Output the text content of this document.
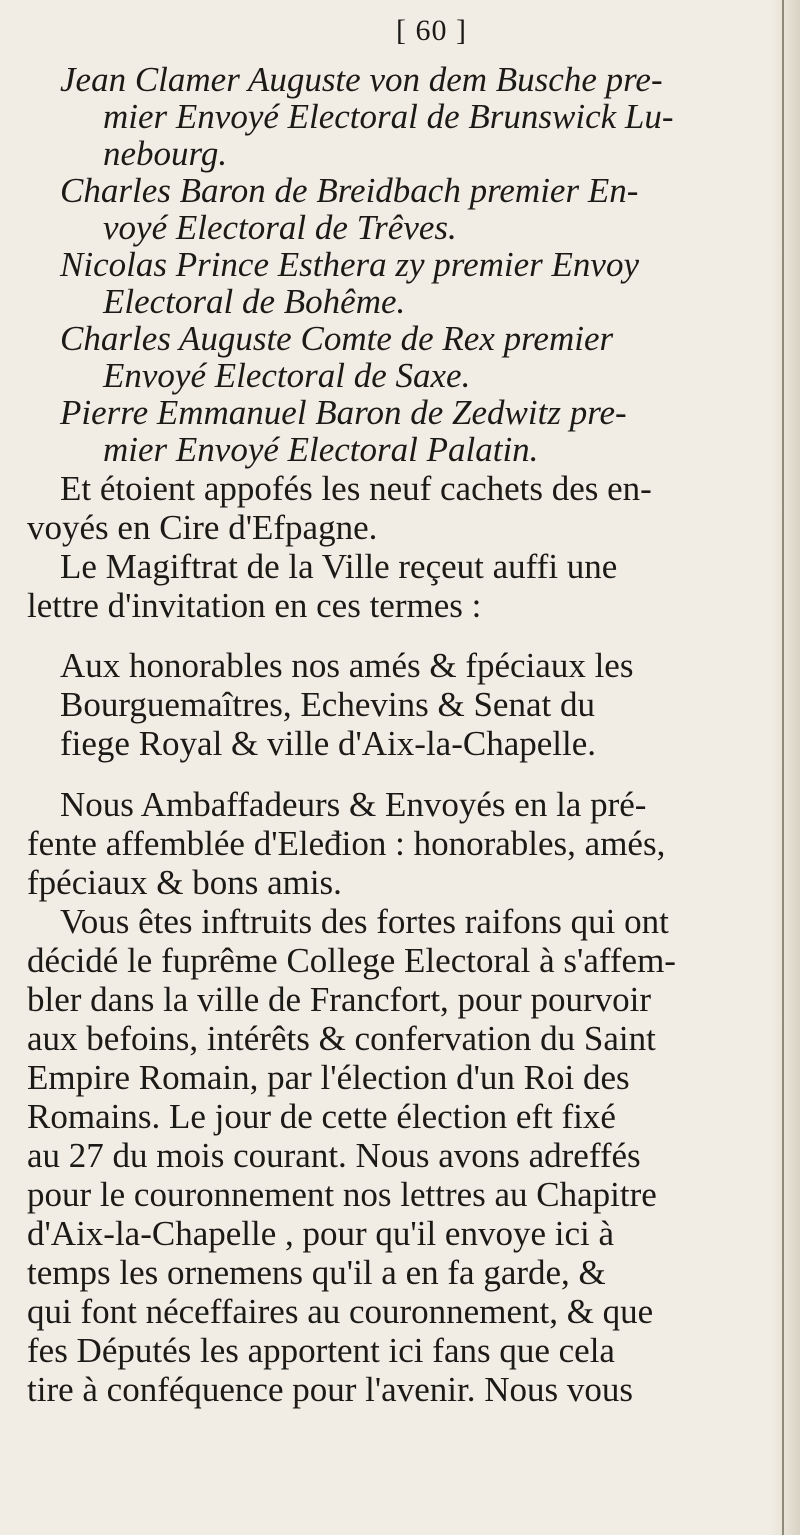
[ 60 ]
Jean Clamer Auguste von dem Busche pre-
mier Envoyé Electoral de Brunswick Lu-
nebourg.
Charles Baron de Breidbach premier En-
voyé Electoral de Trêves.
Nicolas Prince Esthera zy premier Envoy
Electoral de Bohême.
Charles Auguste Comte de Rex premier
Envoyé Electoral de Saxe.
Pierre Emmanuel Baron de Zedwitz pre-
mier Envoyé Electoral Palatin.
Et étoient appofés les neuf cachets des en-
voyés en Cire d'Efpagne.
Le Magiftrat de la Ville reçeut auffi une
lettre d'invitation en ces termes :
Aux honorables nos amés & fpéciaux les
Bourguemaîtres, Echevins & Senat du
fiege Royal & ville d'Aix-la-Chapelle.
Nous Ambaffadeurs & Envoyés en la pré-
fente affemblée d'Eleđion : honorables, amés,
fpéciaux & bons amis.
Vous êtes inftruits des fortes raifons qui ont
décidé le fuprême College Electoral à s'affem-
bler dans la ville de Francfort, pour pourvoir
aux befoins, intérêts & confervation du Saint
Empire Romain, par l'élection d'un Roi des
Romains. Le jour de cette élection eft fixé
au 27 du mois courant. Nous avons adreffés
pour le couronnement nos lettres au Chapitre
d'Aix-la-Chapelle , pour qu'il envoye ici à
temps les ornemens qu'il a en fa garde, &
qui font néceffaires au couronnement, & que
fes Députés les apportent ici fans que cela
tire à conféquence pour l'avenir. Nous vous
